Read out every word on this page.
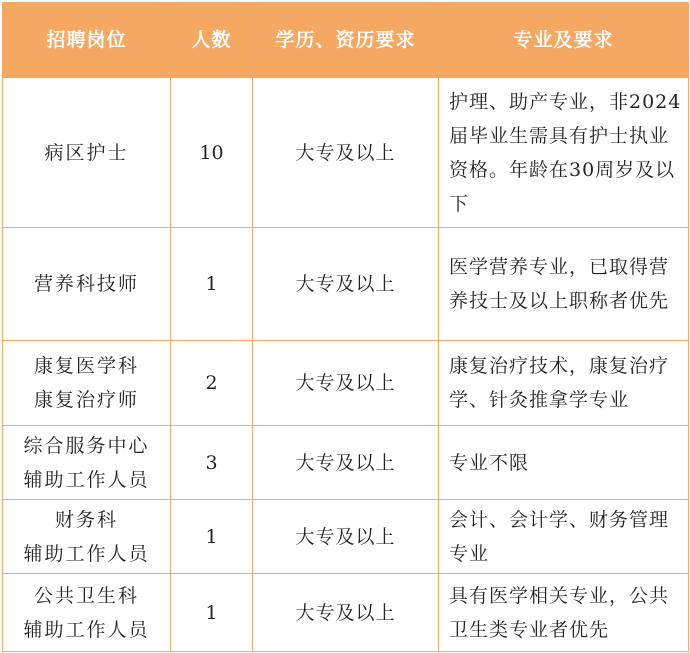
招聘岗位	人数	学历、资历要求	专业及要求

病区护士	10	大专及以上	护理、助产专业，非2024届毕业生需具有护士执业资格。年龄在30周岁及以下

营养科技师	1	大专及以上	医学营养专业，已取得营养技士及以上职称者优先

康复医学科
康复治疗师	2	大专及以上	康复治疗技术，康复治疗学、针灸推拿学专业

综合服务中心
辅助工作人员	3	大专及以上	专业不限

财务科
辅助工作人员	1	大专及以上	会计、会计学、财务管理专业

公共卫生科
辅助工作人员	1	大专及以上	具有医学相关专业，公共卫生类专业者优先
